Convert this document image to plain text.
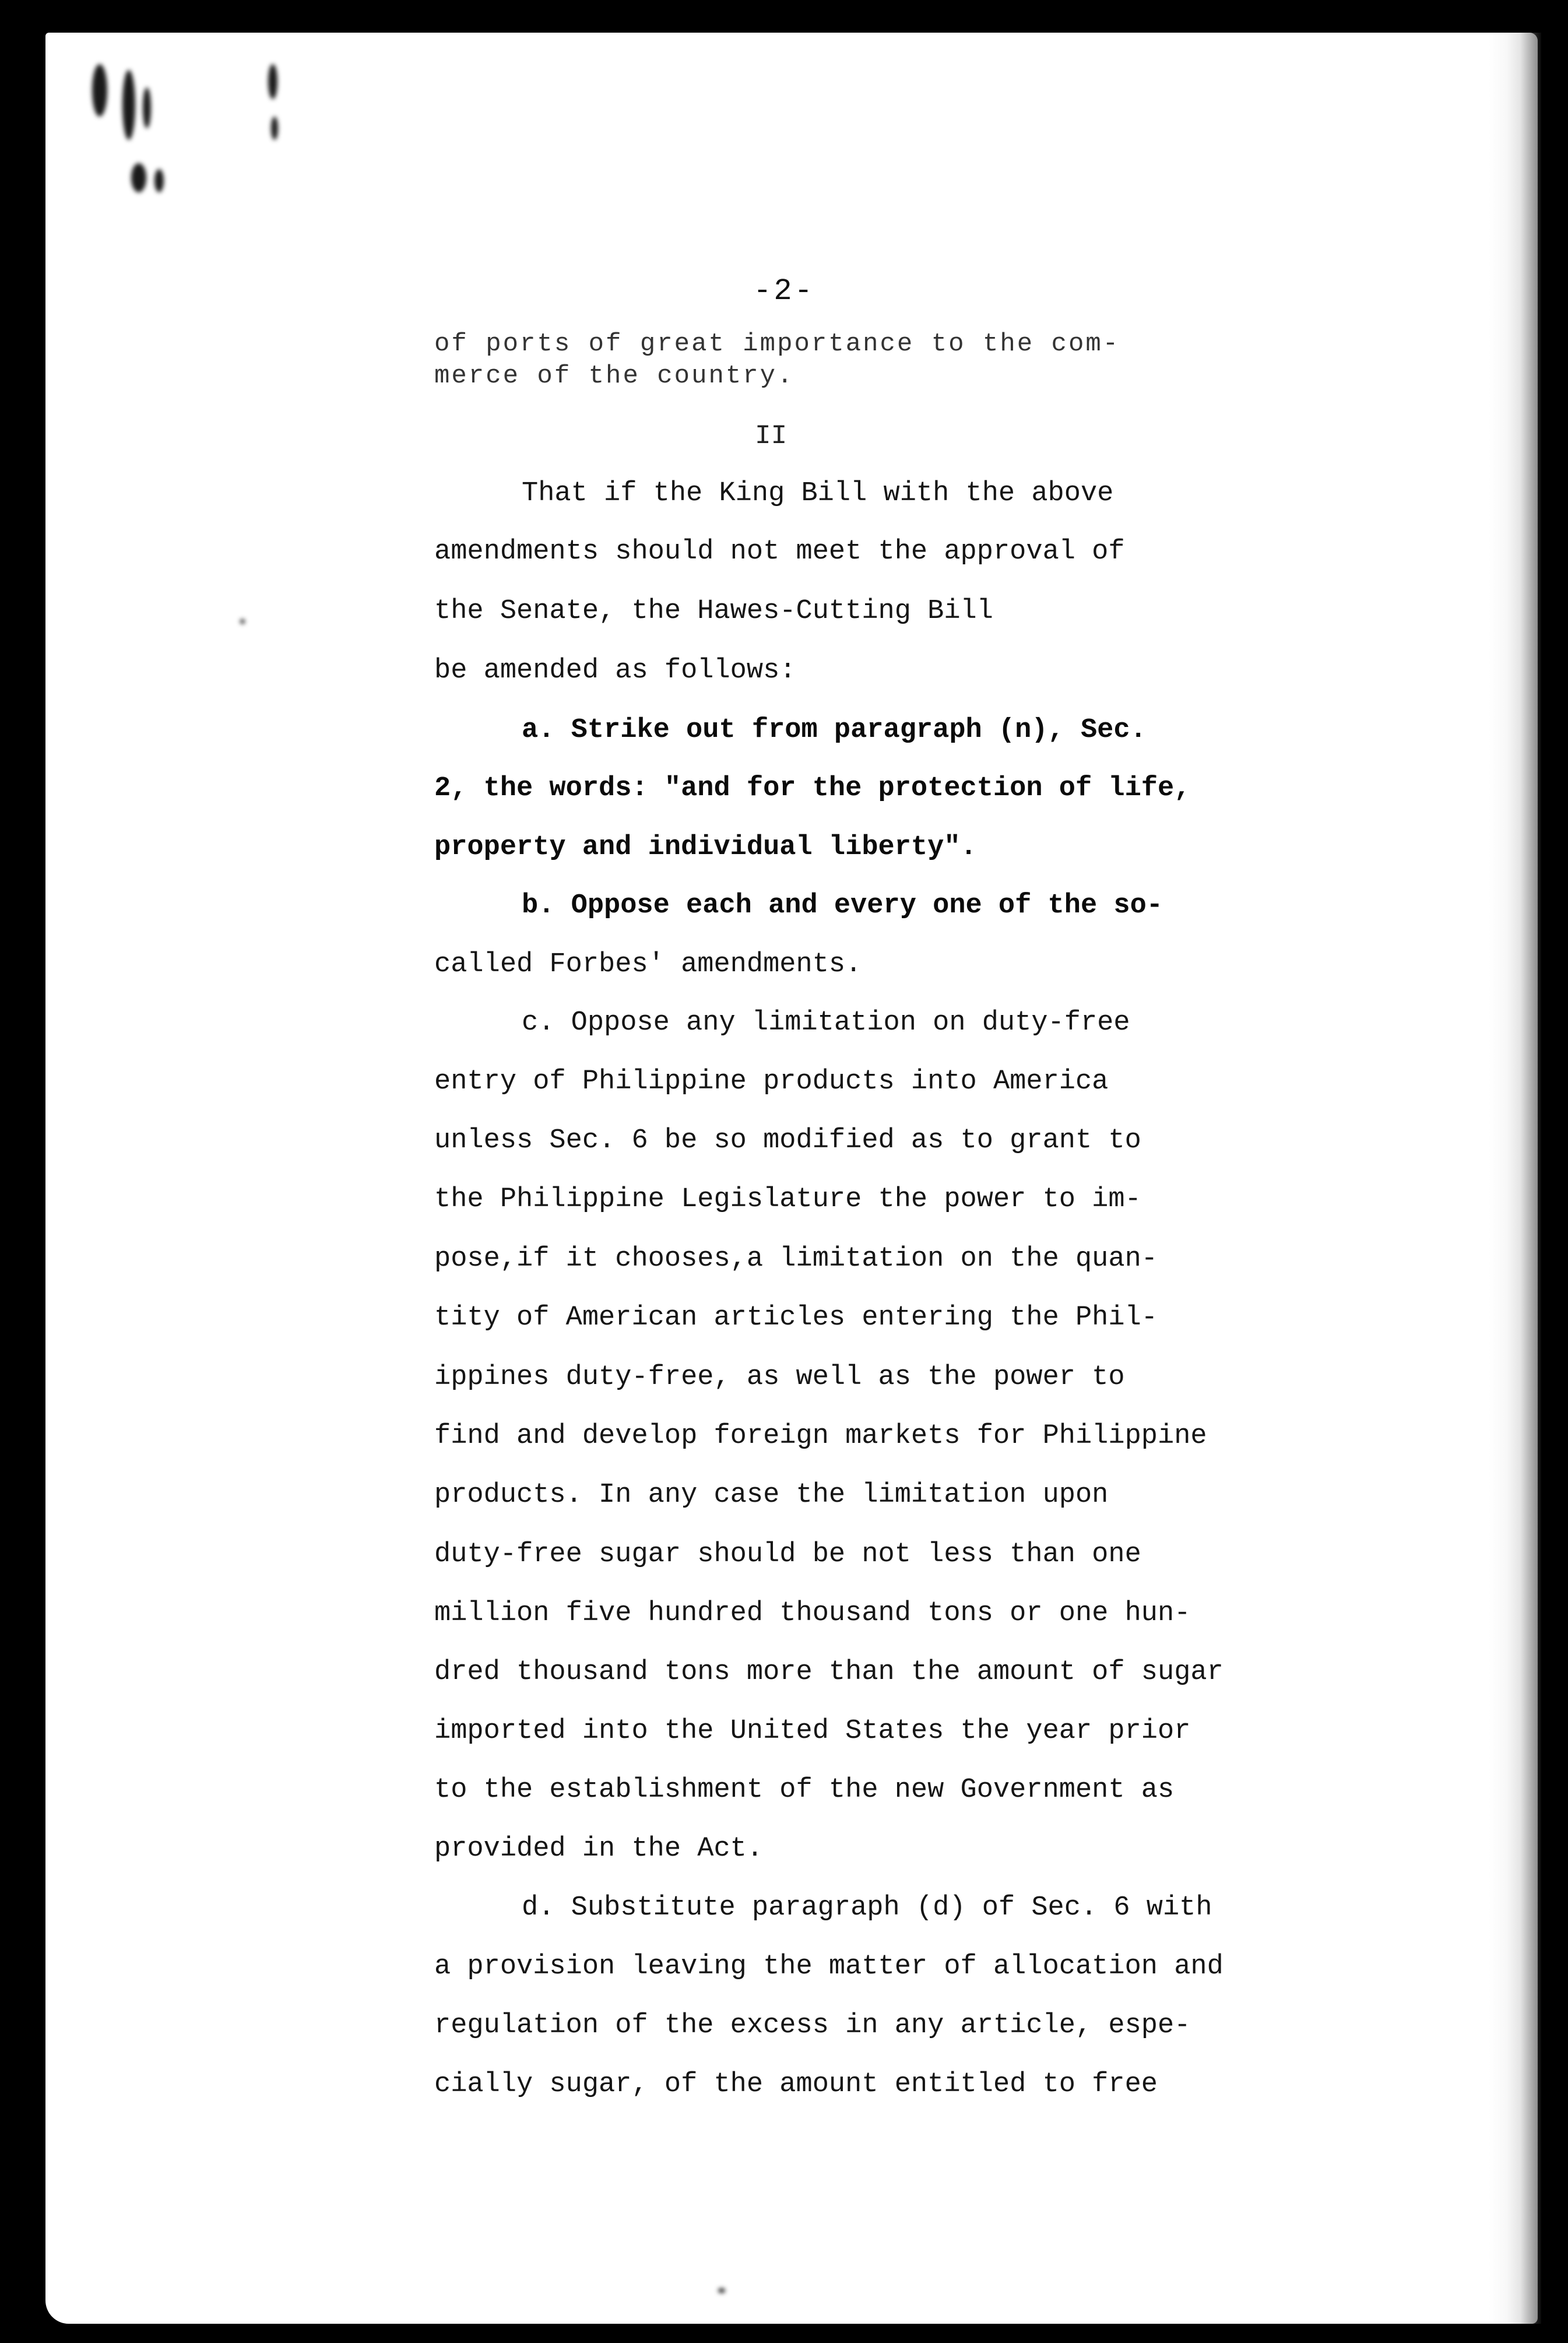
-2-
of ports of great importance to the com-
merce of the country.
II
That if the King Bill with the above
amendments should not meet the approval of
the Senate, the Hawes-Cutting Bill
be amended as follows:
a. Strike out from paragraph (n), Sec.
2, the words: "and for the protection of life,
property and individual liberty".
b. Oppose each and every one of the so-
called Forbes' amendments.
c. Oppose any limitation on duty-free
entry of Philippine products into America
unless Sec. 6 be so modified as to grant to
the Philippine Legislature the power to im-
pose,if it chooses,a limitation on the quan-
tity of American articles entering the Phil-
ippines duty-free, as well as the power to
find and develop foreign markets for Philippine
products. In any case the limitation upon
duty-free sugar should be not less than one
million five hundred thousand tons or one hun-
dred thousand tons more than the amount of sugar
imported into the United States the year prior
to the establishment of the new Government as
provided in the Act.
d. Substitute paragraph (d) of Sec. 6 with
a provision leaving the matter of allocation and
regulation of the excess in any article, espe-
cially sugar, of the amount entitled to free
